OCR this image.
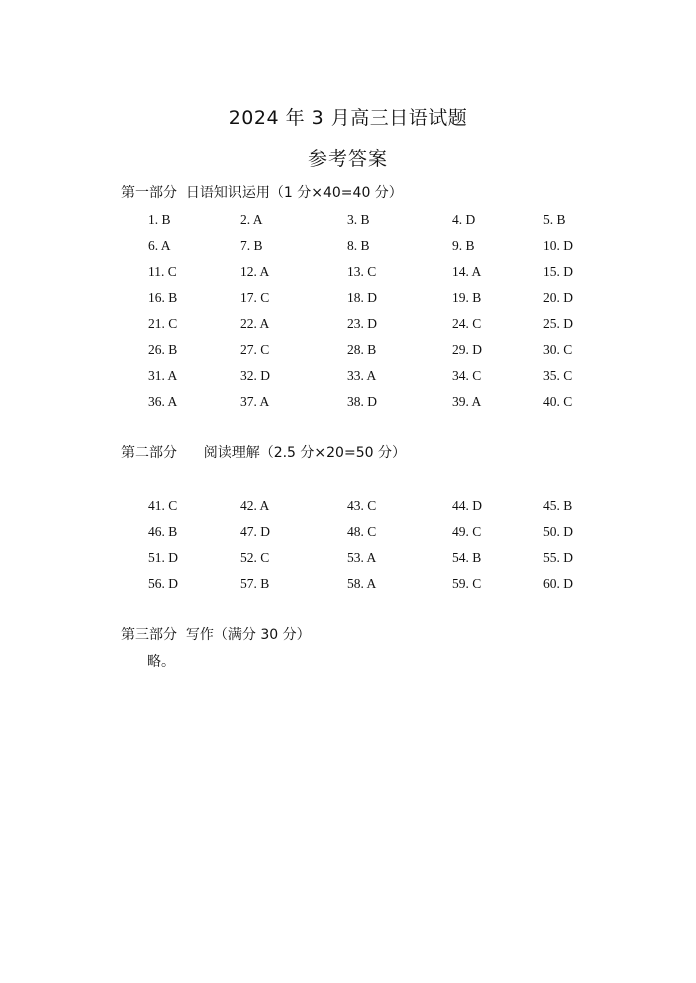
2024 年 3 月高三日语试题
参考答案
第一部分  日语知识运用（1 分×40=40 分）
1. B	2. A	3. B	4. D	5. B
6. A	7. B	8. B	9. B	10. D
11. C	12. A	13. C	14. A	15. D
16. B	17. C	18. D	19. B	20. D
21. C	22. A	23. D	24. C	25. D
26. B	27. C	28. B	29. D	30. C
31. A	32. D	33. A	34. C	35. C
36. A	37. A	38. D	39. A	40. C
第二部分      阅读理解（2.5 分×20=50 分）
41. C	42. A	43. C	44. D	45. B
46. B	47. D	48. C	49. C	50. D
51. D	52. C	53. A	54. B	55. D
56. D	57. B	58. A	59. C	60. D
第三部分  写作（满分 30 分）
略。
